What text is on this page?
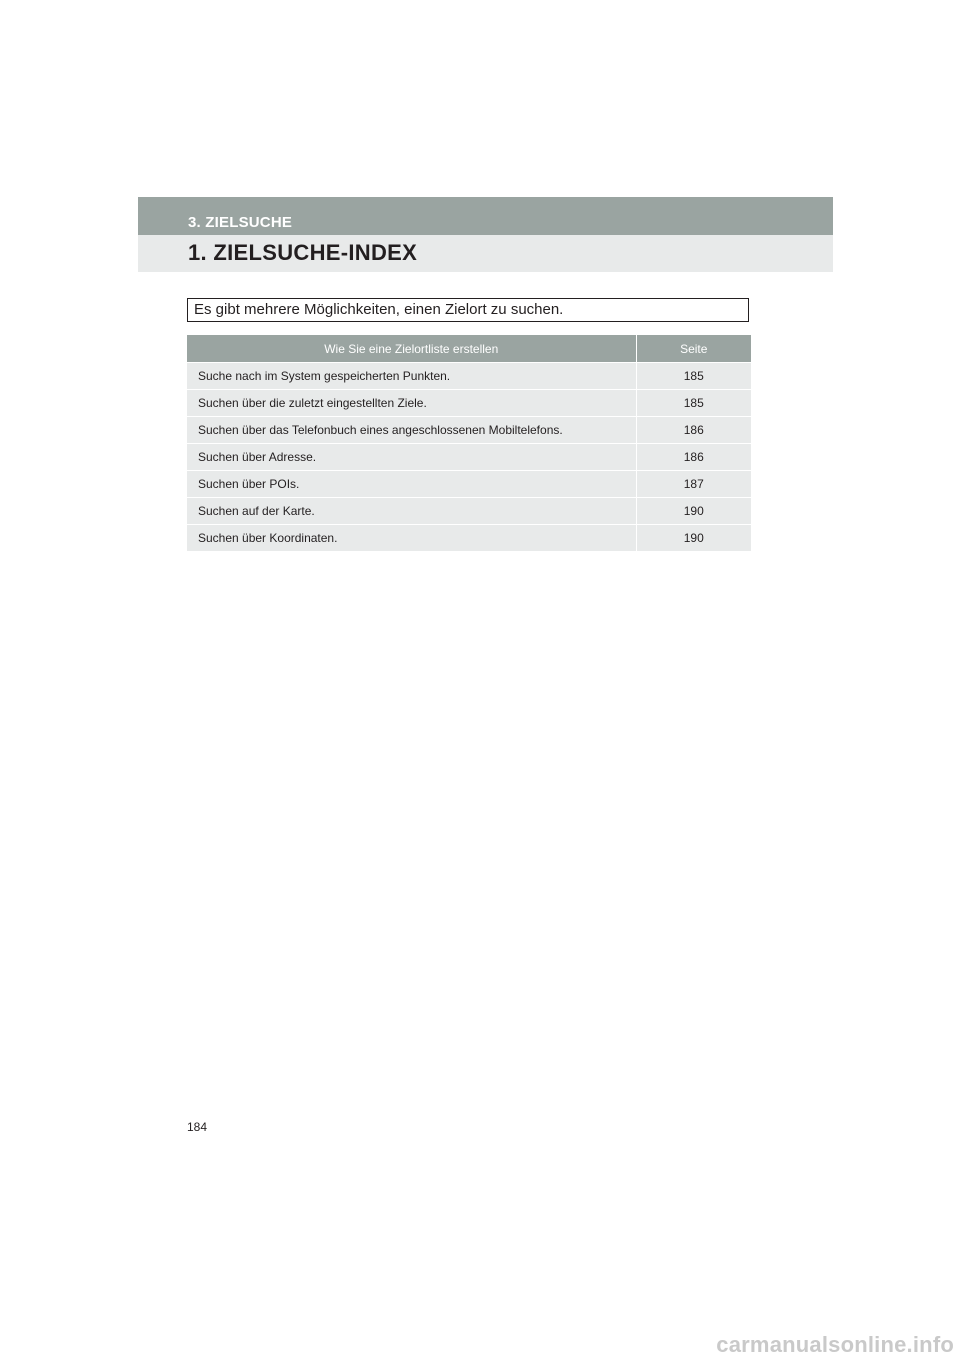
3. ZIELSUCHE
1. ZIELSUCHE-INDEX
Es gibt mehrere Möglichkeiten, einen Zielort zu suchen.
Wie Sie eine Zielortliste erstellen	Seite
Suche nach im System gespeicherten Punkten.	185
Suchen über die zuletzt eingestellten Ziele.	185
Suchen über das Telefonbuch eines angeschlossenen Mobiltelefons.	186
Suchen über Adresse.	186
Suchen über POIs.	187
Suchen auf der Karte.	190
Suchen über Koordinaten.	190
184
carmanualsonline.info
